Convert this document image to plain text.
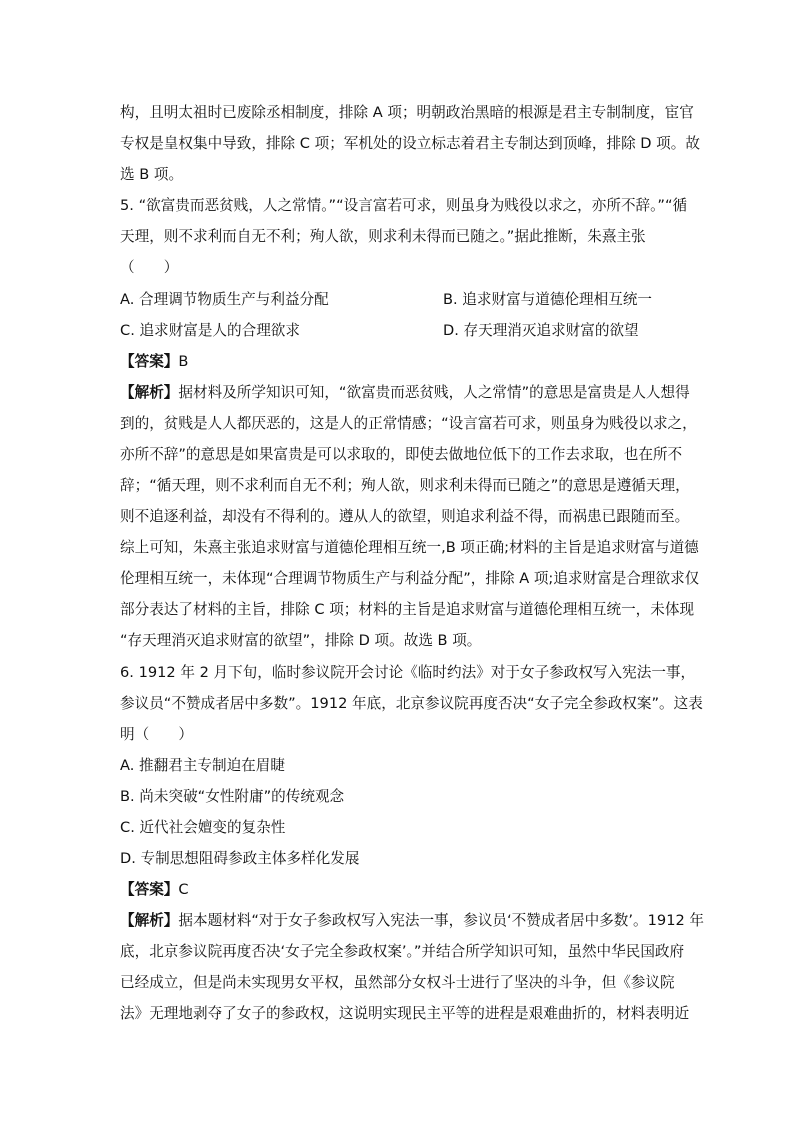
构，且明太祖时已废除丞相制度，排除 A 项；明朝政治黑暗的根源是君主专制制度，宦官
专权是皇权集中导致，排除 C 项；军机处的设立标志着君主专制达到顶峰，排除 D 项。故
选 B 项。
5. “欲富贵而恶贫贱，人之常情。”“设言富若可求，则虽身为贱役以求之，亦所不辞。”“循
天理，则不求利而自无不利；殉人欲，则求利未得而已随之。”据此推断，朱熹主张
（　　）
A. 合理调节物质生产与利益分配	B. 追求财富与道德伦理相互统一
C. 追求财富是人的合理欲求	D. 存天理消灭追求财富的欲望
【答案】B
【解析】据材料及所学知识可知，“欲富贵而恶贫贱，人之常情”的意思是富贵是人人想得
到的，贫贱是人人都厌恶的，这是人的正常情感；“设言富若可求，则虽身为贱役以求之，
亦所不辞”的意思是如果富贵是可以求取的，即使去做地位低下的工作去求取，也在所不
辞；“循天理，则不求利而自无不利；殉人欲，则求利未得而已随之”的意思是遵循天理，
则不追逐利益，却没有不得利的。遵从人的欲望，则追求利益不得，而祸患已跟随而至。
综上可知，朱熹主张追求财富与道德伦理相互统一,B 项正确;材料的主旨是追求财富与道德
伦理相互统一，未体现“合理调节物质生产与利益分配”，排除 A 项;追求财富是合理欲求仅
部分表达了材料的主旨，排除 C 项；材料的主旨是追求财富与道德伦理相互统一，未体现
“存天理消灭追求财富的欲望”，排除 D 项。故选 B 项。
6. 1912 年 2 月下旬，临时参议院开会讨论《临时约法》对于女子参政权写入宪法一事，
参议员“不赞成者居中多数”。1912 年底，北京参议院再度否决“女子完全参政权案”。这表
明（　　）
A. 推翻君主专制迫在眉睫
B. 尚未突破“女性附庸”的传统观念
C. 近代社会嬗变的复杂性
D. 专制思想阻碍参政主体多样化发展
【答案】C
【解析】据本题材料“对于女子参政权写入宪法一事，参议员‘不赞成者居中多数’。1912 年
底，北京参议院再度否决‘女子完全参政权案’。”并结合所学知识可知，虽然中华民国政府
已经成立，但是尚未实现男女平权，虽然部分女权斗士进行了坚决的斗争，但《参议院
法》无理地剥夺了女子的参政权，这说明实现民主平等的进程是艰难曲折的，材料表明近
